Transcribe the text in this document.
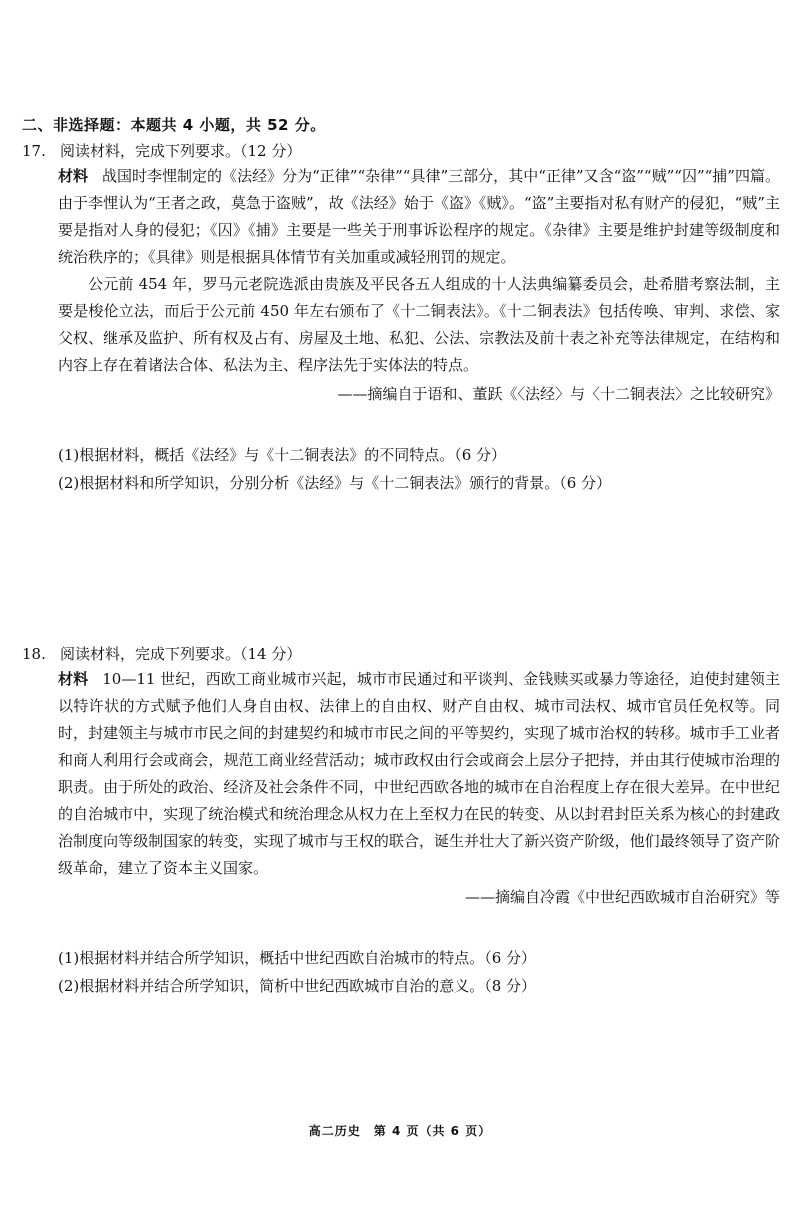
二、非选择题：本题共 4 小题，共 52 分。
17. 阅读材料，完成下列要求。（12 分）

材料 战国时李悝制定的《法经》分为“正律”“杂律”“具律”三部分，其中“正律”又含“盗”“贼”“囚”“捕”四篇。由于李悝认为“王者之政，莫急于盗贼”，故《法经》始于《盗》《贼》。“盗”主要指对私有财产的侵犯，“贼”主要是指对人身的侵犯；《囚》《捕》主要是一些关于刑事诉讼程序的规定。《杂律》主要是维护封建等级制度和统治秩序的；《具律》则是根据具体情节有关加重或减轻刑罚的规定。

公元前 454 年，罗马元老院选派由贵族及平民各五人组成的十人法典编纂委员会，赴希腊考察法制，主要是梭伦立法，而后于公元前 450 年左右颁布了《十二铜表法》。《十二铜表法》包括传唤、审判、求偿、家父权、继承及监护、所有权及占有、房屋及土地、私犯、公法、宗教法及前十表之补充等法律规定，在结构和内容上存在着诸法合体、私法为主、程序法先于实体法的特点。

——摘编自于语和、董跃《〈法经〉与〈十二铜表法〉之比较研究》

(1)根据材料，概括《法经》与《十二铜表法》的不同特点。（6 分）
(2)根据材料和所学知识，分别分析《法经》与《十二铜表法》颁行的背景。（6 分）
18. 阅读材料，完成下列要求。（14 分）

材料 10—11 世纪，西欧工商业城市兴起，城市市民通过和平谈判、金钱赎买或暴力等途径，迫使封建领主以特许状的方式赋予他们人身自由权、法律上的自由权、财产自由权、城市司法权、城市官员任免权等。同时，封建领主与城市市民之间的封建契约和城市市民之间的平等契约，实现了城市治权的转移。城市手工业者和商人利用行会或商会，规范工商业经营活动；城市政权由行会或商会上层分子把持，并由其行使城市治理的职责。由于所处的政治、经济及社会条件不同，中世纪西欧各地的城市在自治程度上存在很大差异。在中世纪的自治城市中，实现了统治模式和统治理念从权力在上至权力在民的转变、从以封君封臣关系为核心的封建政治制度向等级制国家的转变，实现了城市与王权的联合，诞生并壮大了新兴资产阶级，他们最终领导了资产阶级革命，建立了资本主义国家。

——摘编自冷霞《中世纪西欧城市自治研究》等

(1)根据材料并结合所学知识，概括中世纪西欧自治城市的特点。（6 分）
(2)根据材料并结合所学知识，简析中世纪西欧城市自治的意义。（8 分）
高二历史　第 4 页（共 6 页）
